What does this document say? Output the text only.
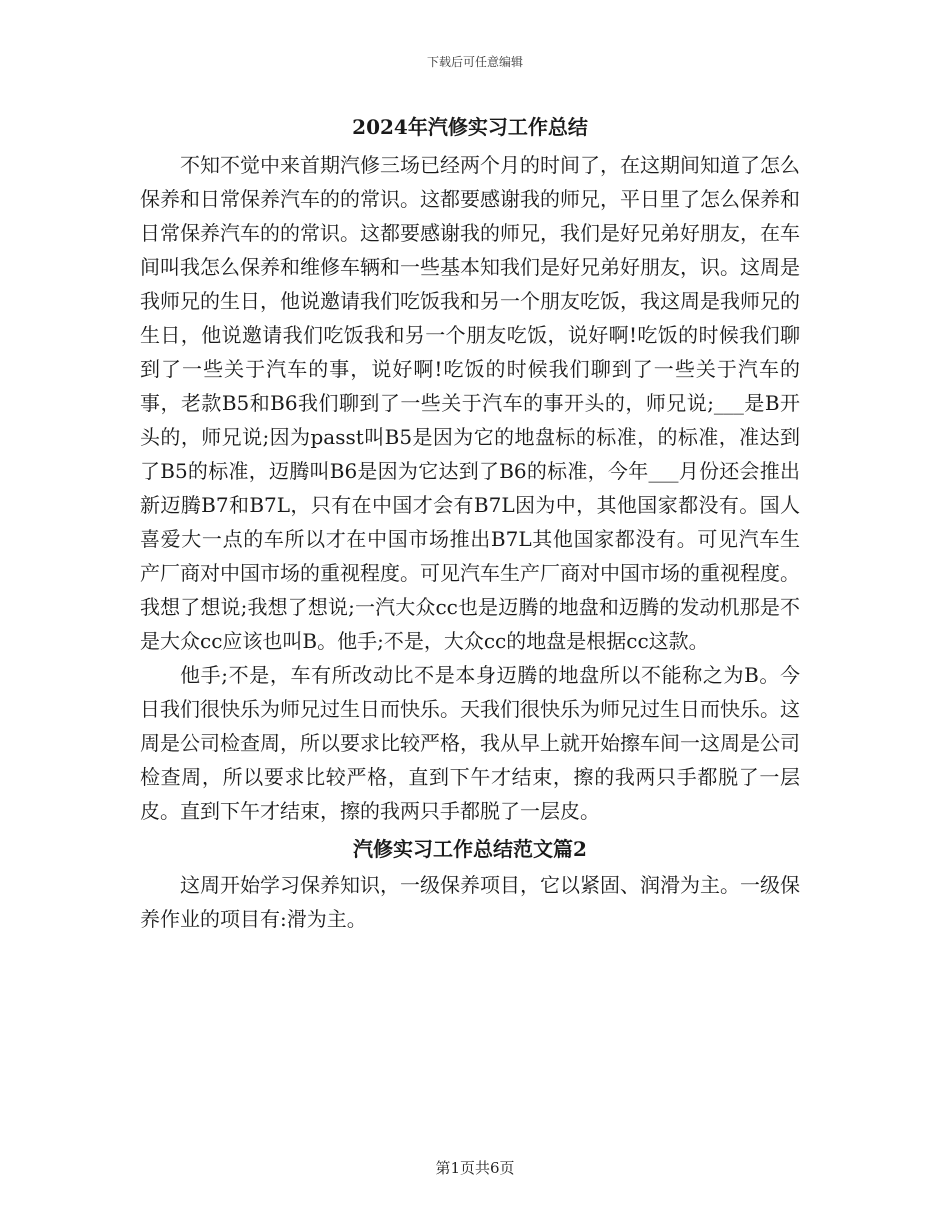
下载后可任意编辑
2024年汽修实习工作总结

不知不觉中来首期汽修三场已经两个月的时间了，在这期间知道了怎么保养和日常保养汽车的的常识。这都要感谢我的师兄，平日里了怎么保养和日常保养汽车的的常识。这都要感谢我的师兄，我们是好兄弟好朋友，在车间叫我怎么保养和维修车辆和一些基本知我们是好兄弟好朋友，识。这周是我师兄的生日，他说邀请我们吃饭我和另一个朋友吃饭，我这周是我师兄的生日，他说邀请我们吃饭我和另一个朋友吃饭，说好啊!吃饭的时候我们聊到了一些关于汽车的事，说好啊!吃饭的时候我们聊到了一些关于汽车的事，老款B5和B6我们聊到了一些关于汽车的事开头的，师兄说;___是B开头的，师兄说;因为passt叫B5是因为它的地盘标的标准，的标准，准达到了B5的标准，迈腾叫B6是因为它达到了B6的标准，今年___月份还会推出新迈腾B7和B7L，只有在中国才会有B7L因为中，其他国家都没有。国人喜爱大一点的车所以才在中国市场推出B7L其他国家都没有。可见汽车生产厂商对中国市场的重视程度。可见汽车生产厂商对中国市场的重视程度。我想了想说;我想了想说;一汽大众cc也是迈腾的地盘和迈腾的发动机那是不是大众cc应该也叫B。他手;不是，大众cc的地盘是根据cc这款。

他手;不是，车有所改动比不是本身迈腾的地盘所以不能称之为B。今日我们很快乐为师兄过生日而快乐。天我们很快乐为师兄过生日而快乐。这周是公司检查周，所以要求比较严格，我从早上就开始擦车间一这周是公司检查周，所以要求比较严格，直到下午才结束，擦的我两只手都脱了一层皮。直到下午才结束，擦的我两只手都脱了一层皮。

汽修实习工作总结范文篇2

这周开始学习保养知识，一级保养项目，它以紧固、润滑为主。一级保养作业的项目有:滑为主。

第1页共6页
